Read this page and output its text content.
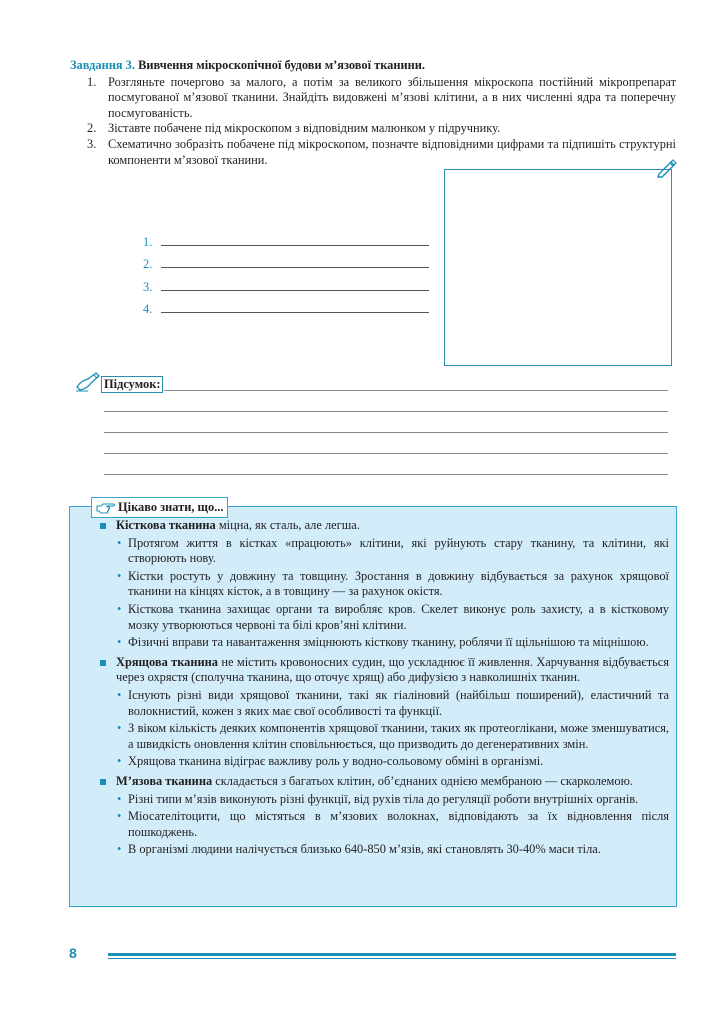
Завдання 3. Вивчення мікроскопічної будови м’язової тканини.
1. Розгляньте почергово за малого, а потім за великого збільшення мікроскопа постійний мікропрепарат посмугованої м’язової тканини. Знайдіть видовжені м’язові клітини, а в них численні ядра та поперечну посмугованість.
2. Зіставте побачене під мікроскопом з відповідним малюнком у підручнику.
3. Схематично зобразіть побачене під мікроскопом, позначте відповідними цифрами та підпишіть структурні компоненти м’язової тканини.
1.
2.
3.
4.
Підсумок:
Цікаво знати, що...
Кісткова тканина міцна, як сталь, але легша.
• Протягом життя в кістках «працюють» клітини, які руйнують стару тканину, та клітини, які створюють нову.
• Кістки ростуть у довжину та товщину. Зростання в довжину відбувається за рахунок хрящової тканини на кінцях кісток, а в товщину — за рахунок окістя.
• Кісткова тканина захищає органи та виробляє кров. Скелет виконує роль захисту, а в кістковому мозку утворюються червоні та білі кров’яні клітини.
• Фізичні вправи та навантаження зміцнюють кісткову тканину, роблячи її щільнішою та міцнішою.
Хрящова тканина не містить кровоносних судин, що ускладнює її живлення. Харчування відбувається через охрястя (сполучна тканина, що оточує хрящ) або дифузією з навколишніх тканин.
• Існують різні види хрящової тканини, такі як гіаліновий (найбільш поширений), еластичний та волокнистий, кожен з яких має свої особливості та функції.
• З віком кількість деяких компонентів хрящової тканини, таких як протеоглікани, може зменшуватися, а швидкість оновлення клітин сповільнюється, що призводить до дегенеративних змін.
• Хрящова тканина відіграє важливу роль у водно-сольовому обміні в організмі.
М’язова тканина складається з багатьох клітин, об’єднаних однією мембраною — скарколемою.
• Різні типи м’язів виконують різні функції, від рухів тіла до регуляції роботи внутрішніх органів.
• Міосателітоцити, що містяться в м’язових волокнах, відповідають за їх відновлення після пошкоджень.
• В організмі людини налічується близько 640-850 м’язів, які становлять 30-40% маси тіла.
8
